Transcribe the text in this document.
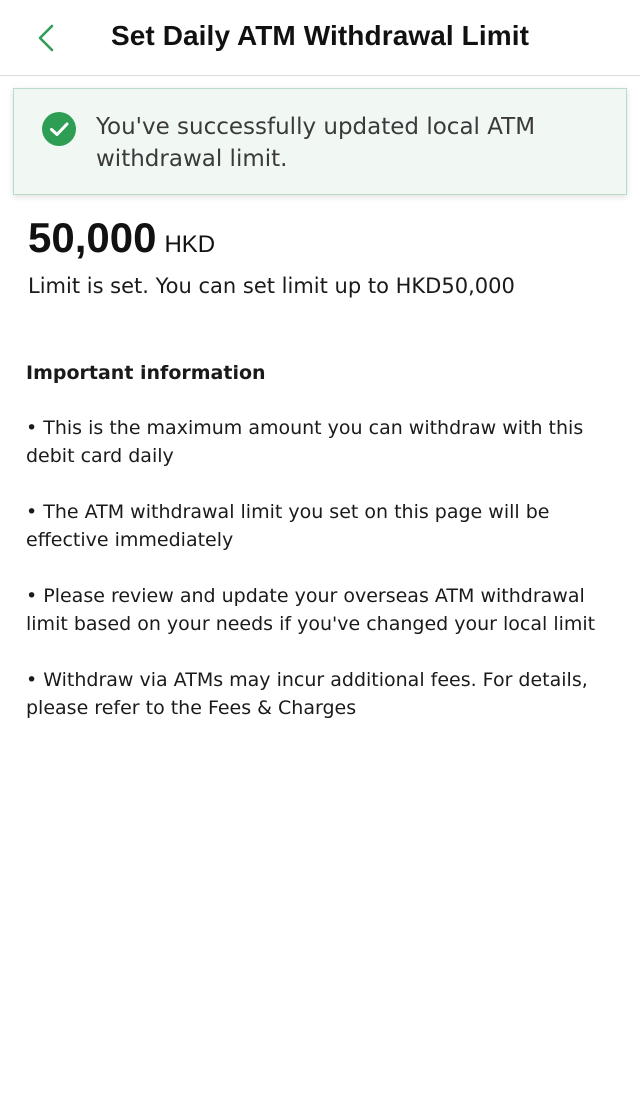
Set Daily ATM Withdrawal Limit
You've successfully updated local ATM withdrawal limit.
50,000 HKD
Limit is set. You can set limit up to HKD50,000
Important information
• This is the maximum amount you can withdraw with this debit card daily
• The ATM withdrawal limit you set on this page will be effective immediately
• Please review and update your overseas ATM withdrawal limit based on your needs if you've changed your local limit
• Withdraw via ATMs may incur additional fees. For details, please refer to the Fees & Charges
